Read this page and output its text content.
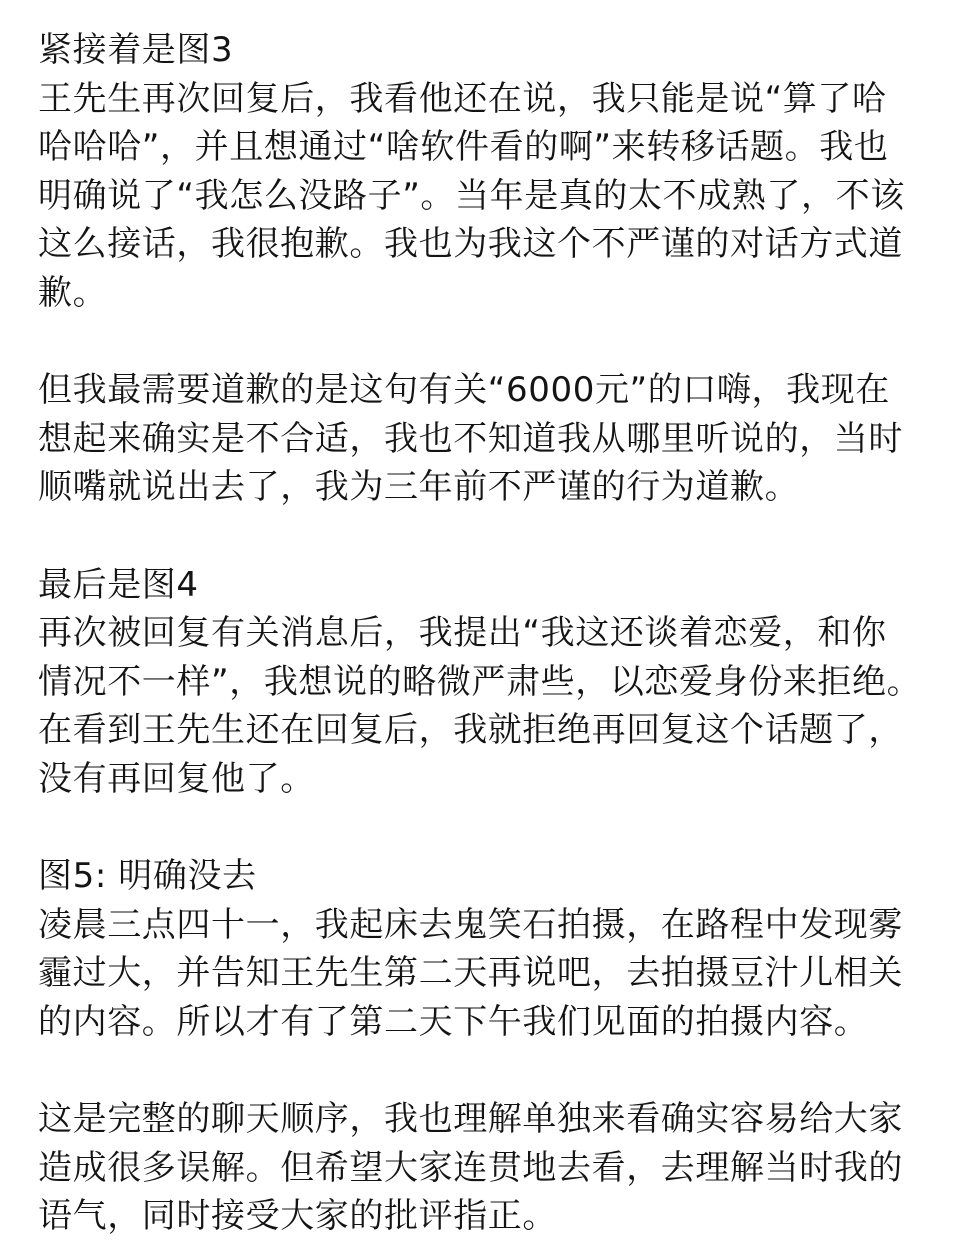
紧接着是图3

王先生再次回复后，我看他还在说，我只能是说“算了哈
哈哈哈”，并且想通过“啥软件看的啊”来转移话题。我也
明确说了“我怎么没路子”。当年是真的太不成熟了，不该
这么接话，我很抱歉。我也为我这个不严谨的对话方式道
歉。

但我最需要道歉的是这句有关“6000元”的口嗨，我现在
想起来确实是不合适，我也不知道我从哪里听说的，当时
顺嘴就说出去了，我为三年前不严谨的行为道歉。

最后是图4

再次被回复有关消息后，我提出“我这还谈着恋爱，和你
情况不一样”，我想说的略微严肃些，以恋爱身份来拒绝。
在看到王先生还在回复后，我就拒绝再回复这个话题了，
没有再回复他了。

图5: 明确没去

凌晨三点四十一，我起床去鬼笑石拍摄，在路程中发现雾
霾过大，并告知王先生第二天再说吧，去拍摄豆汁儿相关
的内容。所以才有了第二天下午我们见面的拍摄内容。

这是完整的聊天顺序，我也理解单独来看确实容易给大家
造成很多误解。但希望大家连贯地去看，去理解当时我的
语气，同时接受大家的批评指正。
